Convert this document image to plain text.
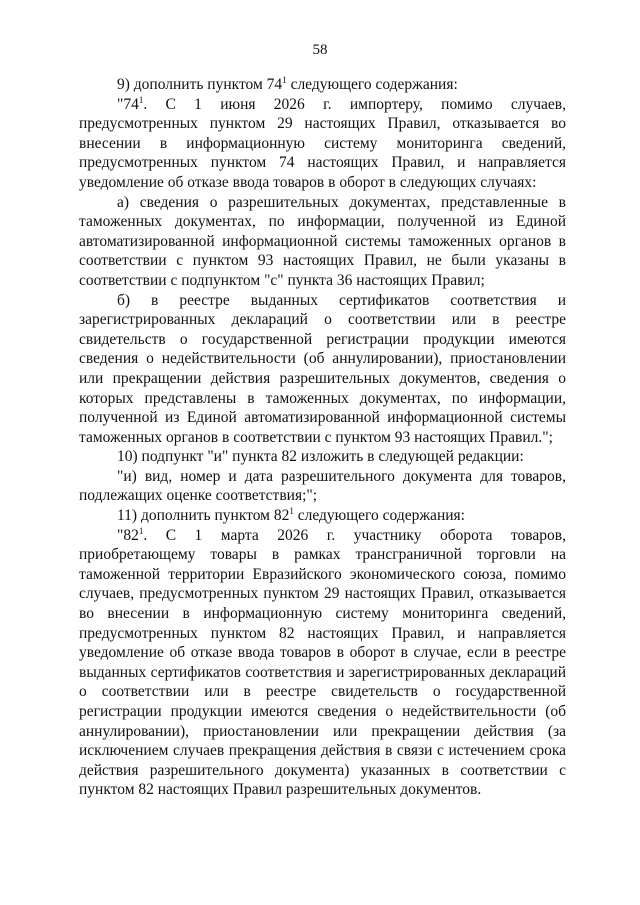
58

9) дополнить пунктом $74^1$ следующего содержания:

"$74^1$. С 1 июня 2026 г. импортеру, помимо случаев, предусмотренных пунктом 29 настоящих Правил, отказывается во внесении в информационную систему мониторинга сведений, предусмотренных пунктом 74 настоящих Правил, и направляется уведомление об отказе ввода товаров в оборот в следующих случаях:

а) сведения о разрешительных документах, представленные в таможенных документах, по информации, полученной из Единой автоматизированной информационной системы таможенных органов в соответствии с пунктом 93 настоящих Правил, не были указаны в соответствии с подпунктом "с" пункта 36 настоящих Правил;

б) в реестре выданных сертификатов соответствия и зарегистрированных деклараций о соответствии или в реестре свидетельств о государственной регистрации продукции имеются сведения о недействительности (об аннулировании), приостановлении или прекращении действия разрешительных документов, сведения о которых представлены в таможенных документах, по информации, полученной из Единой автоматизированной информационной системы таможенных органов в соответствии с пунктом 93 настоящих Правил.";

10) подпункт "и" пункта 82 изложить в следующей редакции:

"и) вид, номер и дата разрешительного документа для товаров, подлежащих оценке соответствия;";

11) дополнить пунктом $82^1$ следующего содержания:

"$82^1$. С 1 марта 2026 г. участнику оборота товаров, приобретающему товары в рамках трансграничной торговли на таможенной территории Евразийского экономического союза, помимо случаев, предусмотренных пунктом 29 настоящих Правил, отказывается во внесении в информационную систему мониторинга сведений, предусмотренных пунктом 82 настоящих Правил, и направляется уведомление об отказе ввода товаров в оборот в случае, если в реестре выданных сертификатов соответствия и зарегистрированных деклараций о соответствии или в реестре свидетельств о государственной регистрации продукции имеются сведения о недействительности (об аннулировании), приостановлении или прекращении действия (за исключением случаев прекращения действия в связи с истечением срока действия разрешительного документа) указанных в соответствии с пунктом 82 настоящих Правил разрешительных документов.
